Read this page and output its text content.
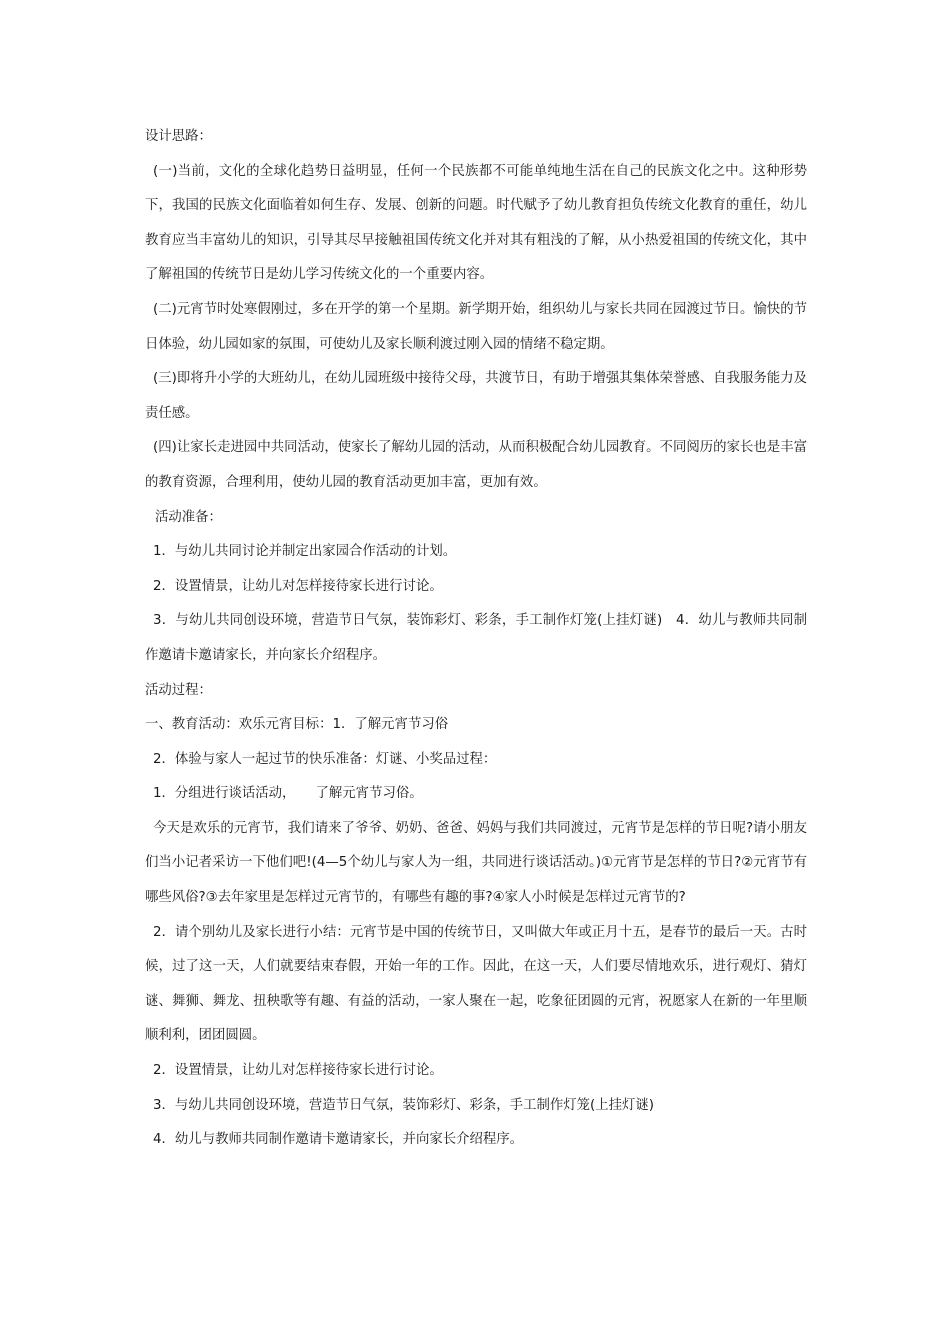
设计思路：

(一)当前，文化的全球化趋势日益明显，任何一个民族都不可能单纯地生活在自己的民族文化之中。这种形势下，我国的民族文化面临着如何生存、发展、创新的问题。时代赋予了幼儿教育担负传统文化教育的重任，幼儿教育应当丰富幼儿的知识，引导其尽早接触祖国传统文化并对其有粗浅的了解，从小热爱祖国的传统文化，其中了解祖国的传统节日是幼儿学习传统文化的一个重要内容。

(二)元宵节时处寒假刚过，多在开学的第一个星期。新学期开始，组织幼儿与家长共同在园渡过节日。愉快的节日体验，幼儿园如家的氛围，可使幼儿及家长顺利渡过刚入园的情绪不稳定期。

(三)即将升小学的大班幼儿，在幼儿园班级中接待父母，共渡节日，有助于增强其集体荣誉感、自我服务能力及责任感。

(四)让家长走进园中共同活动，使家长了解幼儿园的活动，从而积极配合幼儿园教育。不同阅历的家长也是丰富的教育资源，合理利用，使幼儿园的教育活动更加丰富，更加有效。

活动准备：

1．与幼儿共同讨论并制定出家园合作活动的计划。

2．设置情景，让幼儿对怎样接待家长进行讨论。

3．与幼儿共同创设环境，营造节日气氛，装饰彩灯、彩条，手工制作灯笼(上挂灯谜)　4．幼儿与教师共同制作邀请卡邀请家长，并向家长介绍程序。

活动过程：

一、教育活动：欢乐元宵目标：1．了解元宵节习俗

2．体验与家人一起过节的快乐准备：灯谜、小奖品过程：

1．分组进行谈话活动，　　了解元宵节习俗。

今天是欢乐的元宵节，我们请来了爷爷、奶奶、爸爸、妈妈与我们共同渡过，元宵节是怎样的节日呢?请小朋友们当小记者采访一下他们吧!(4—5个幼儿与家人为一组，共同进行谈话活动。)①元宵节是怎样的节日?②元宵节有哪些风俗?③去年家里是怎样过元宵节的，有哪些有趣的事?④家人小时候是怎样过元宵节的?

2．请个别幼儿及家长进行小结：元宵节是中国的传统节日，又叫做大年或正月十五，是春节的最后一天。古时候，过了这一天，人们就要结束春假，开始一年的工作。因此，在这一天，人们要尽情地欢乐，进行观灯、猜灯谜、舞狮、舞龙、扭秧歌等有趣、有益的活动，一家人聚在一起，吃象征团圆的元宵，祝愿家人在新的一年里顺顺利利，团团圆圆。

2．设置情景，让幼儿对怎样接待家长进行讨论。

3．与幼儿共同创设环境，营造节日气氛，装饰彩灯、彩条，手工制作灯笼(上挂灯谜)

4．幼儿与教师共同制作邀请卡邀请家长，并向家长介绍程序。
